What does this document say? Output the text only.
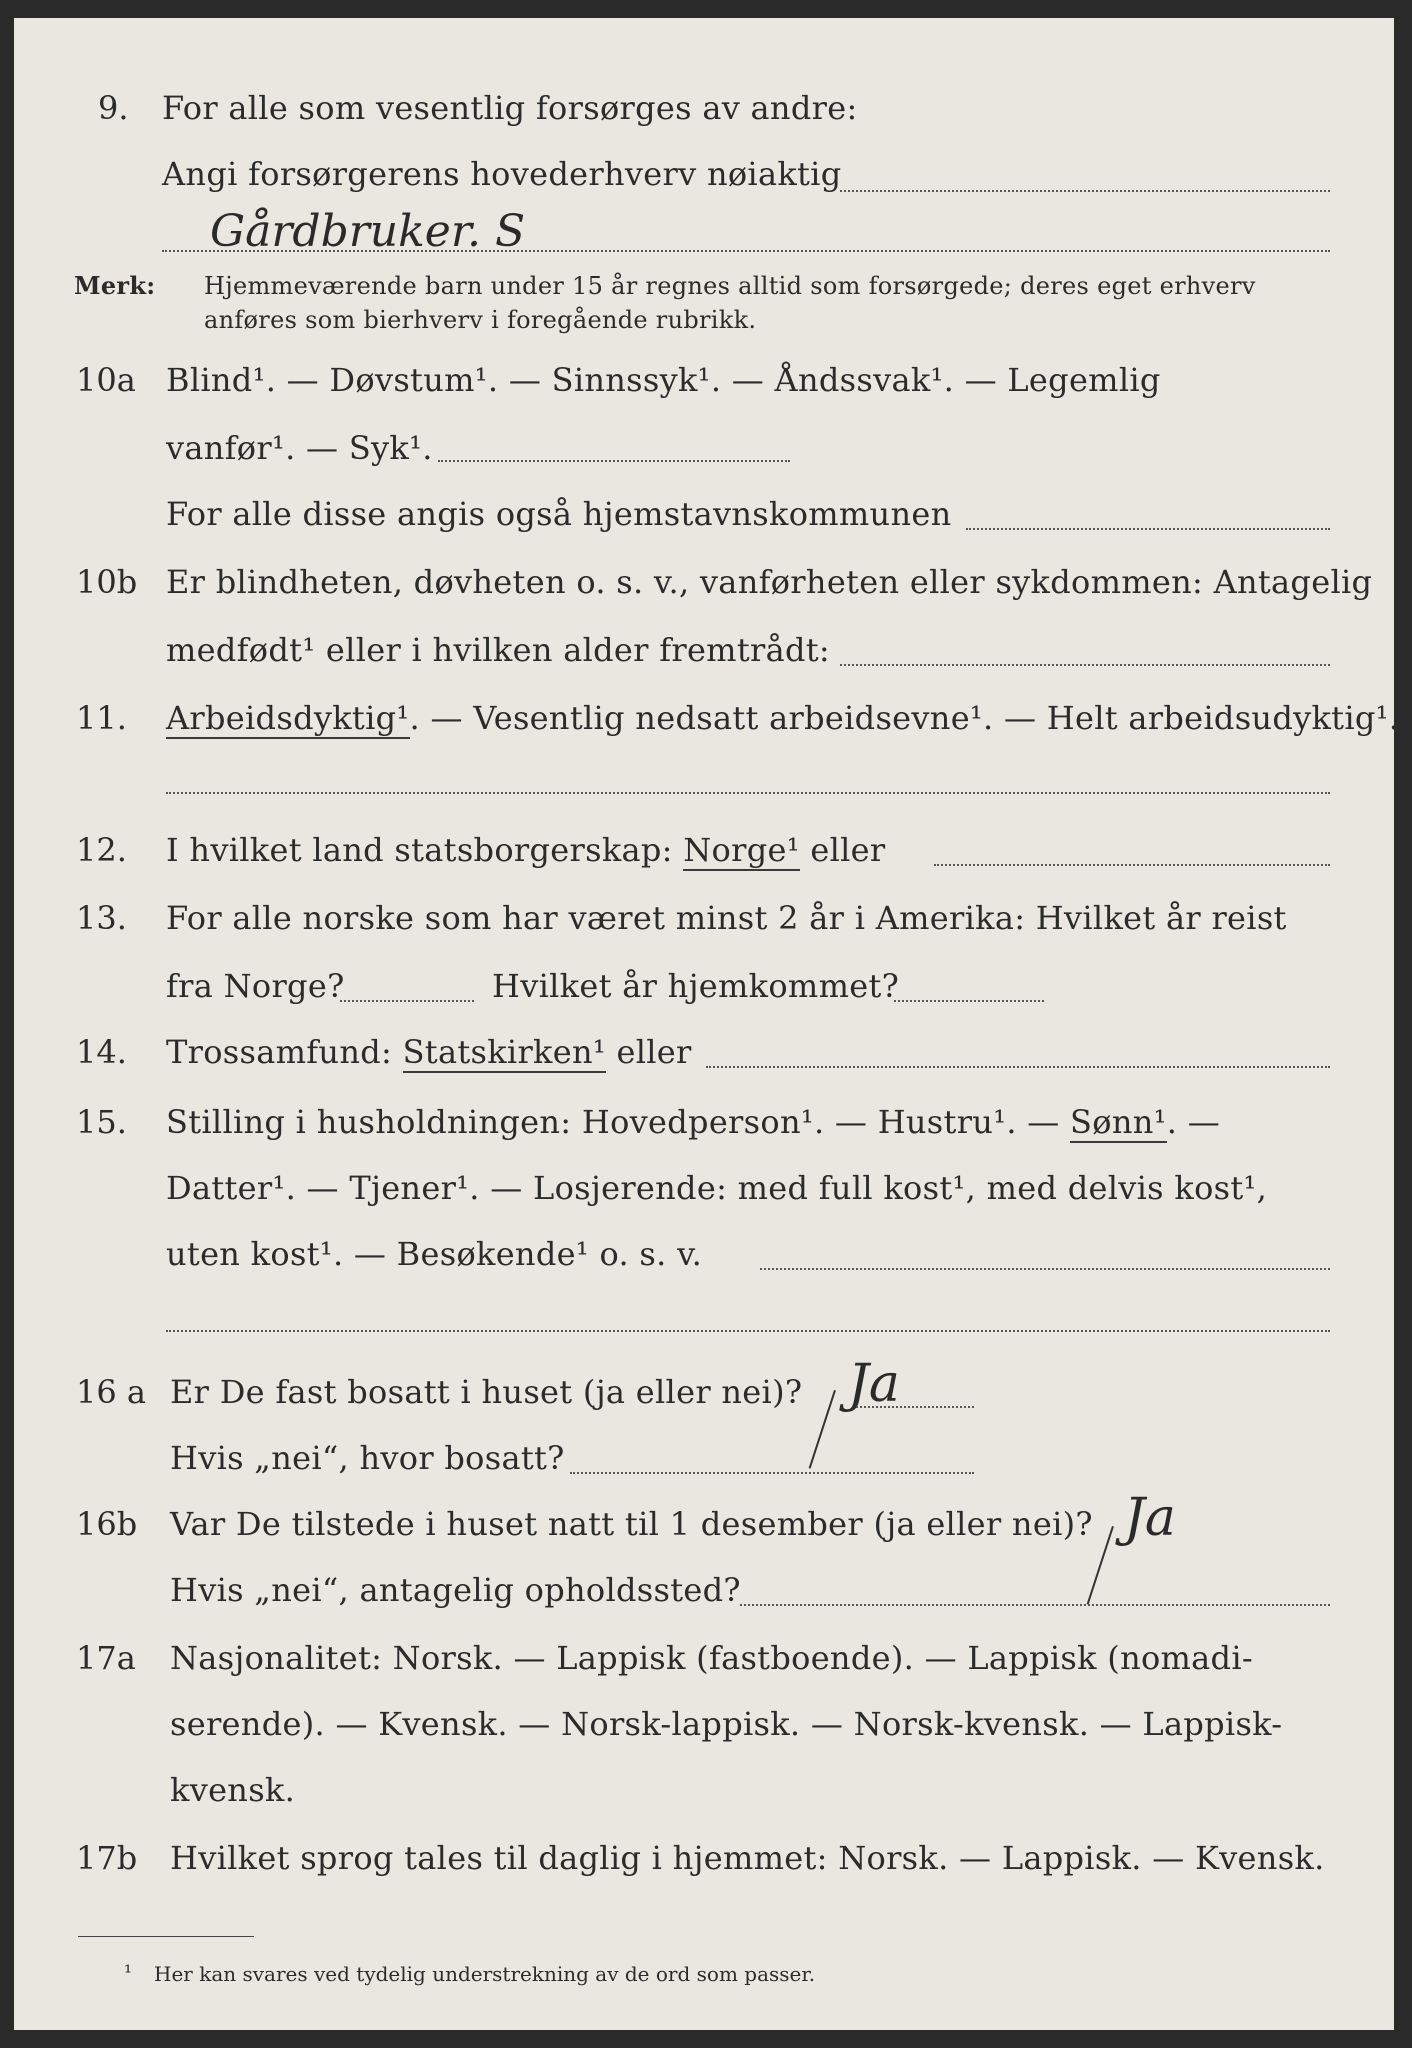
9. For alle som vesentlig forsørges av andre:
Angi forsørgerens hovederhverv nøiaktig
Gårdbruker. S
Merk: Hjemmeværende barn under 15 år regnes alltid som forsørgede; deres eget erhverv
anføres som bierhverv i foregående rubrikk.
10a Blind¹. — Døvstum¹. — Sinnssyk¹. — Åndssvak¹. — Legemlig
vanfør¹. — Syk¹.
For alle disse angis også hjemstavnskommunen
10b Er blindheten, døvheten o. s. v., vanførheten eller sykdommen: Antagelig
medfødt¹ eller i hvilken alder fremtrådt:
11. Arbeidsdyktig¹. — Vesentlig nedsatt arbeidsevne¹. — Helt arbeidsudyktig¹.
12. I hvilket land statsborgerskap: Norge¹ eller
13. For alle norske som har været minst 2 år i Amerika: Hvilket år reist
fra Norge?	Hvilket år hjemkommet?
14. Trossamfund: Statskirken¹ eller
15. Stilling i husholdningen: Hovedperson¹. — Hustru¹. — Sønn¹. —
Datter¹. — Tjener¹. — Losjerende: med full kost¹, med delvis kost¹,
uten kost¹. — Besøkende¹ o. s. v.
16 a Er De fast bosatt i huset (ja eller nei)? Ja
Hvis „nei“, hvor bosatt?
16b Var De tilstede i huset natt til 1 desember (ja eller nei)? Ja
Hvis „nei“, antagelig opholdssted?
17a Nasjonalitet: Norsk. — Lappisk (fastboende). — Lappisk (nomadi-
serende). — Kvensk. — Norsk-lappisk. — Norsk-kvensk. — Lappisk-
kvensk.
17b Hvilket sprog tales til daglig i hjemmet: Norsk. — Lappisk. — Kvensk.
¹ Her kan svares ved tydelig understrekning av de ord som passer.
